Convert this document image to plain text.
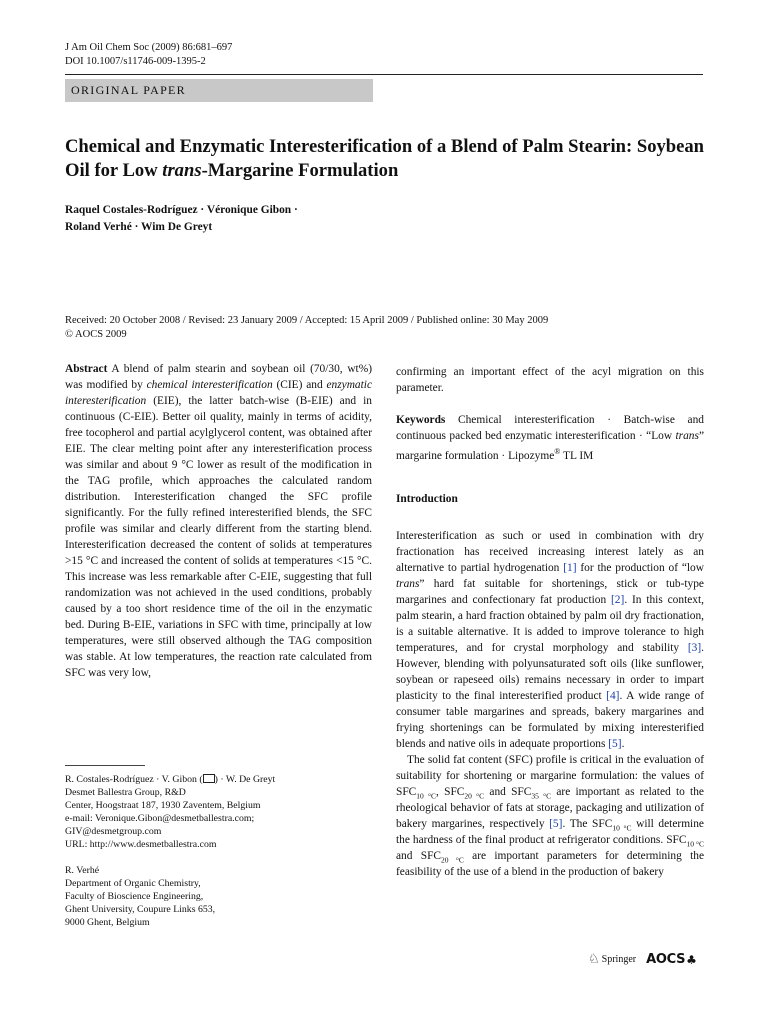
J Am Oil Chem Soc (2009) 86:681–697
DOI 10.1007/s11746-009-1395-2
ORIGINAL PAPER
Chemical and Enzymatic Interesterification of a Blend of Palm Stearin: Soybean Oil for Low trans-Margarine Formulation
Raquel Costales-Rodríguez · Véronique Gibon ·
Roland Verhé · Wim De Greyt
Received: 20 October 2008 / Revised: 23 January 2009 / Accepted: 15 April 2009 / Published online: 30 May 2009
© AOCS 2009
Abstract A blend of palm stearin and soybean oil (70/30, wt%) was modified by chemical interesterification (CIE) and enzymatic interesterification (EIE), the latter batch-wise (B-EIE) and in continuous (C-EIE). Better oil quality, mainly in terms of acidity, free tocopherol and partial acylglycerol content, was obtained after EIE. The clear melting point after any interesterification process was similar and about 9 °C lower as result of the modification in the TAG profile, which approaches the calculated random distribution. Interesterification changed the SFC profile significantly. For the fully refined interesterified blends, the SFC profile was similar and clearly different from the starting blend. Interesterification decreased the content of solids at temperatures >15 °C and increased the content of solids at temperatures <15 °C. This increase was less remarkable after C-EIE, suggesting that full randomization was not achieved in the used conditions, probably caused by a too short residence time of the oil in the enzymatic bed. During B-EIE, variations in SFC with time, principally at low temperatures, were still observed although the TAG composition was stable. At low temperatures, the reaction rate calculated from SFC was very low,
R. Costales-Rodríguez · V. Gibon ( ) · W. De Greyt
Desmet Ballestra Group, R&D
Center, Hoogstraat 187, 1930 Zaventem, Belgium
e-mail: Veronique.Gibon@desmetballestra.com;
GIV@desmetgroup.com
URL: http://www.desmetballestra.com
R. Verhé
Department of Organic Chemistry,
Faculty of Bioscience Engineering,
Ghent University, Coupure Links 653,
9000 Ghent, Belgium
confirming an important effect of the acyl migration on this parameter.
Keywords Chemical interesterification · Batch-wise and continuous packed bed enzymatic interesterification · “Low trans” margarine formulation · Lipozyme® TL IM
Introduction

Interesterification as such or used in combination with dry fractionation has received increasing interest lately as an alternative to partial hydrogenation [1] for the production of “low trans” hard fat suitable for shortenings, stick or tub-type margarines and confectionary fat production [2]. In this context, palm stearin, a hard fraction obtained by palm oil dry fractionation, is a suitable alternative. It is added to improve tolerance to high temperatures, and for crystal morphology and stability [3]. However, blending with polyunsaturated soft oils (like sunflower, soybean or rapeseed oils) remains necessary in order to impart plasticity to the final interesterified product [4]. A wide range of consumer table margarines and spreads, bakery margarines and frying shortenings can be formulated by mixing interesterified blends and native oils in adequate proportions [5].

The solid fat content (SFC) profile is critical in the evaluation of suitability for shortening or margarine formulation: the values of $SFC_{10 ^\circ C}$, $SFC_{20 ^\circ C}$ and $SFC_{35 ^\circ C}$ are important as related to the rheological behavior of fats at storage, packaging and utilization of bakery margarines, respectively [5]. The $SFC_{10 ^\circ C}$ will determine the hardness of the final product at refrigerator conditions. $SFC_{10 ^\circ C}$ and $SFC_{20 ^\circ C}$ are important parameters for determining the feasibility of the use of a blend in the production of bakery

♘ Springer AOCS ♣
